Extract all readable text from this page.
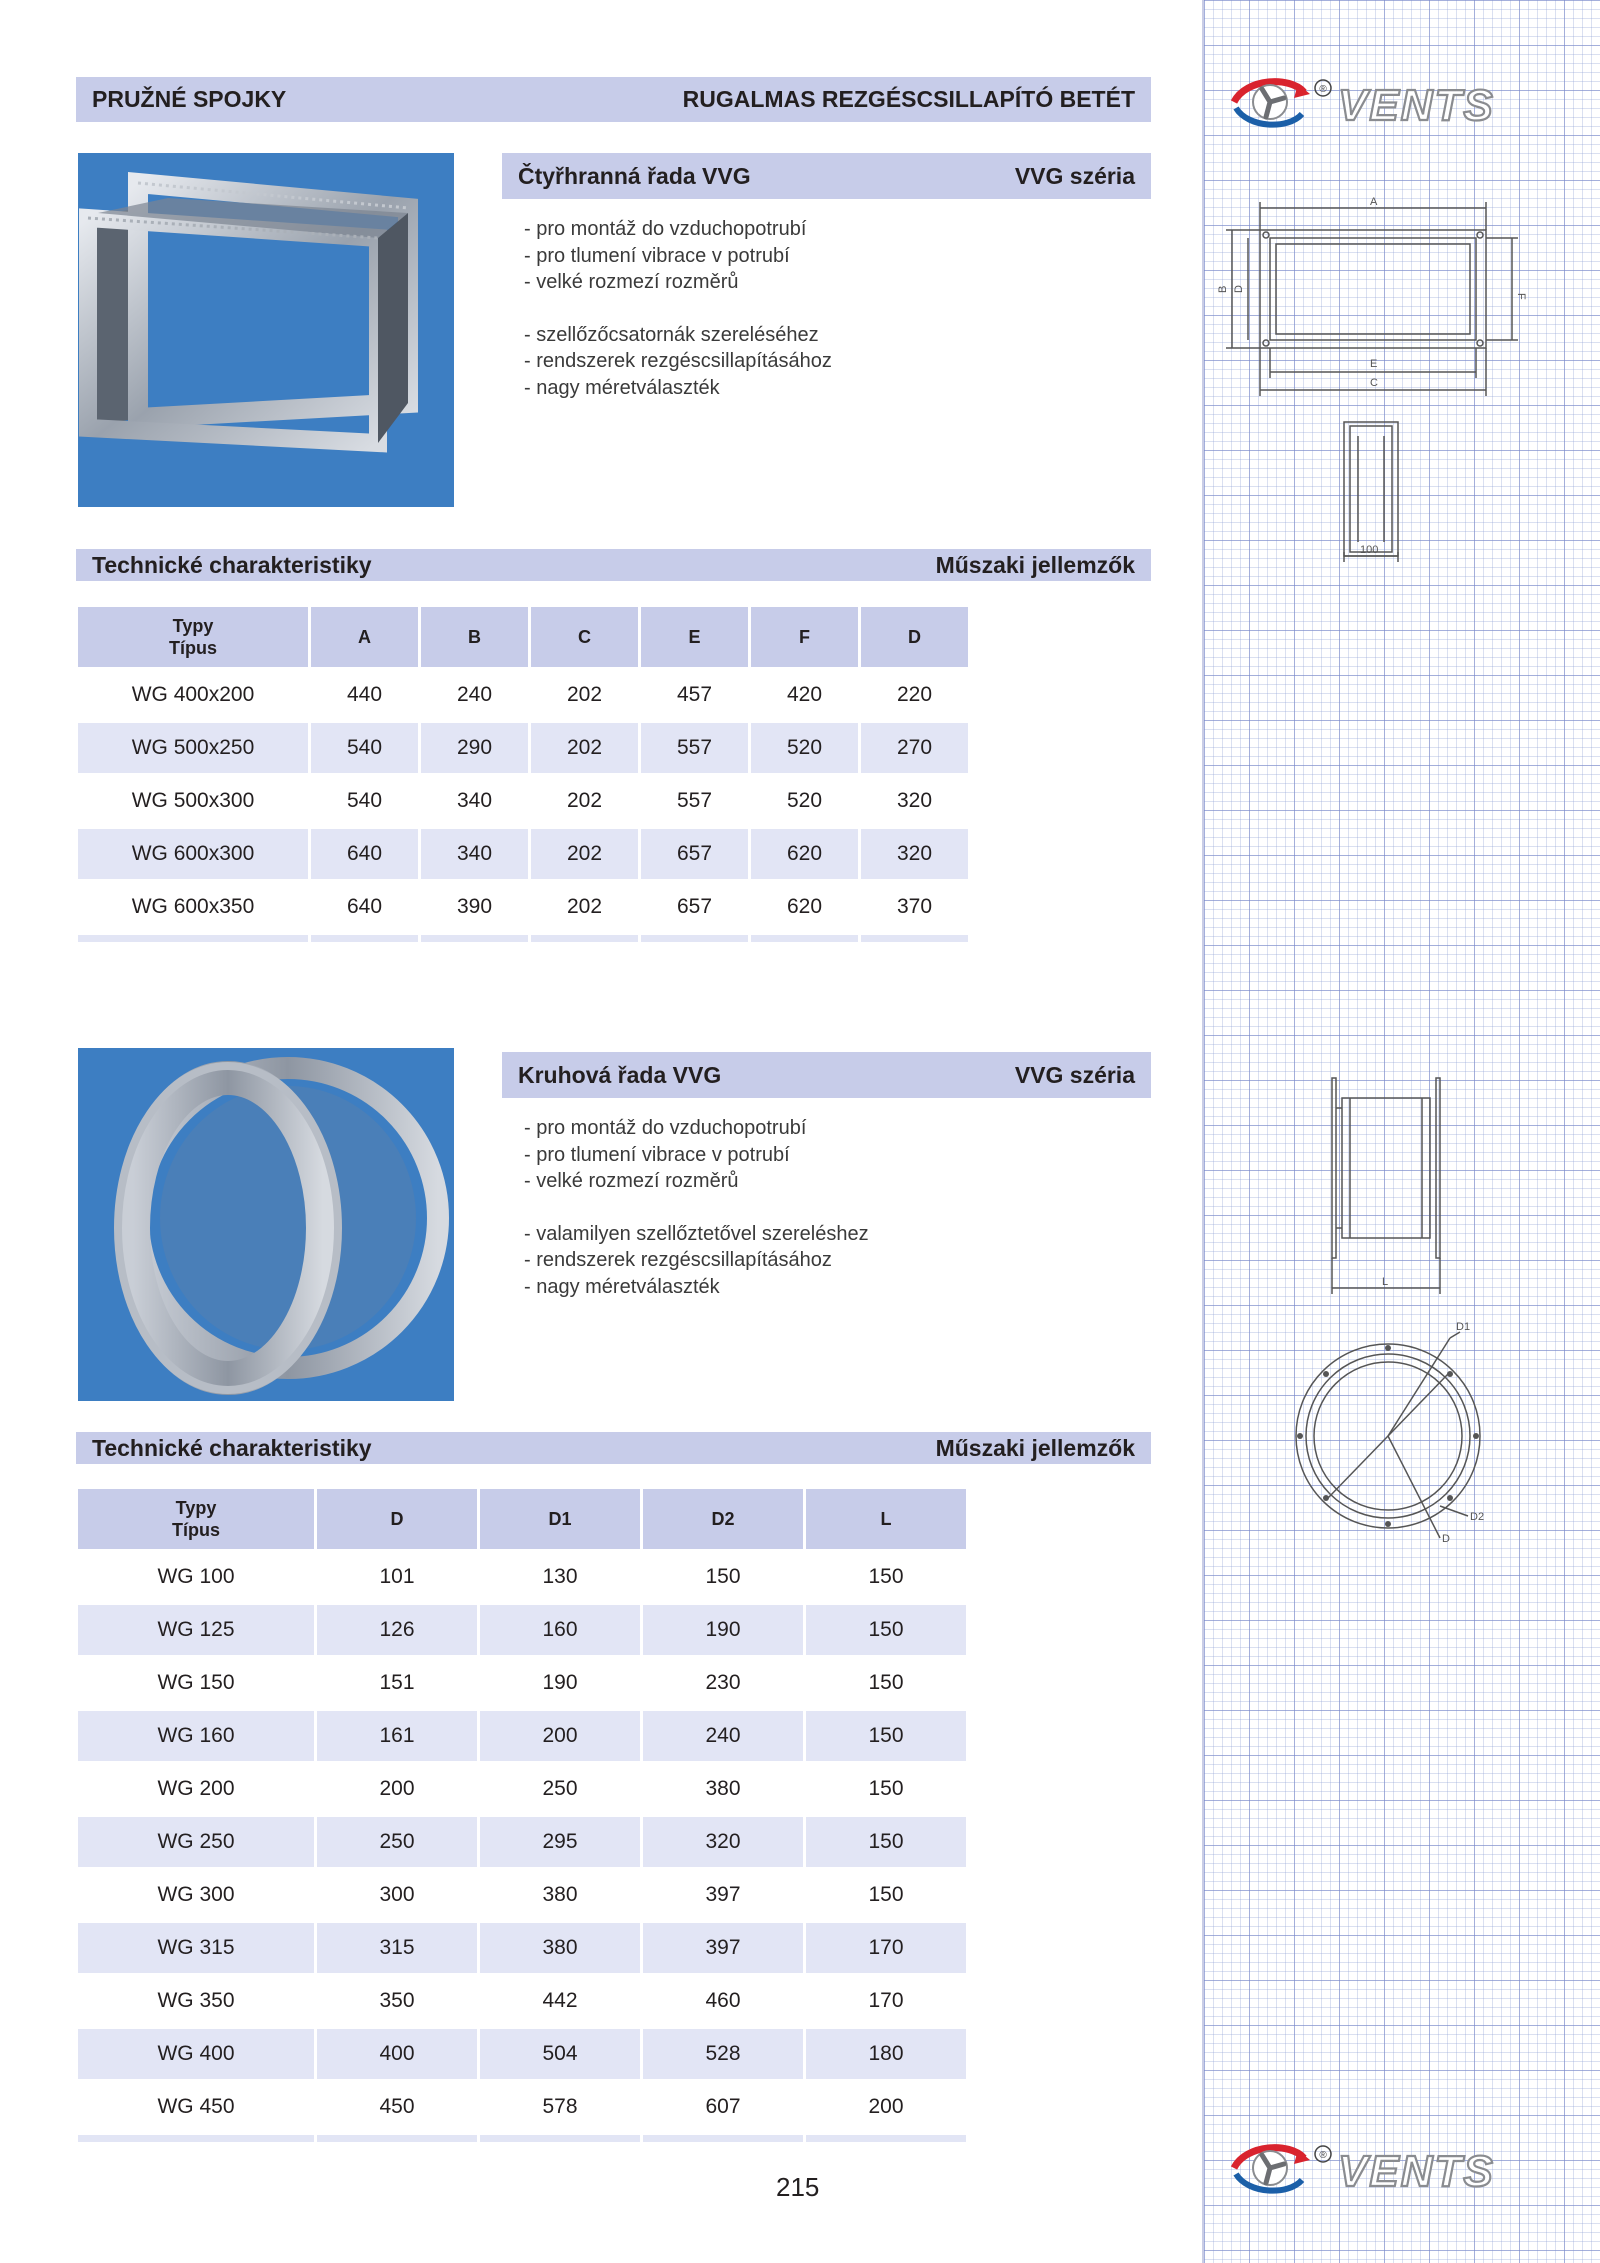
® VENTS
PRUŽNÉ SPOJKY	RUGALMAS REZGÉSCSILLAPÍTÓ BETÉT
Čtyřhranná řada VVG	VVG széria
- pro montáž do vzduchopotrubí
- pro tlumení vibrace v potrubí
- velké rozmezí rozměrů
- szellőzőcsatornák szereléséhez
- rendszerek rezgéscsillapításához
- nagy méretválaszték
Technické charakteristiky	Műszaki jellemzők
Typy
Típus	A	B	C	E	F	D
WG 400x200	440	240	202	457	420	220
WG 500x250	540	290	202	557	520	270
WG 500x300	540	340	202	557	520	320
WG 600x300	640	340	202	657	620	320
WG 600x350	640	390	202	657	620	370

A
B D
F
E
C
100
Kruhová řada VVG	VVG széria
- pro montáž do vzduchopotrubí
- pro tlumení vibrace v potrubí
- velké rozmezí rozměrů
- valamilyen szellőztetővel szereléshez
- rendszerek rezgéscsillapításához
- nagy méretválaszték
Technické charakteristiky	Műszaki jellemzők
Typy
Típus	D	D1	D2	L
WG 100	101	130	150	150
WG 125	126	160	190	150
WG 150	151	190	230	150
WG 160	161	200	240	150
WG 200	200	250	380	150
WG 250	250	295	320	150
WG 300	300	380	397	150
WG 315	315	380	397	170
WG 350	350	442	460	170
WG 400	400	504	528	180
WG 450	450	578	607	200

L
D1
D2
D
® VENTS
215
